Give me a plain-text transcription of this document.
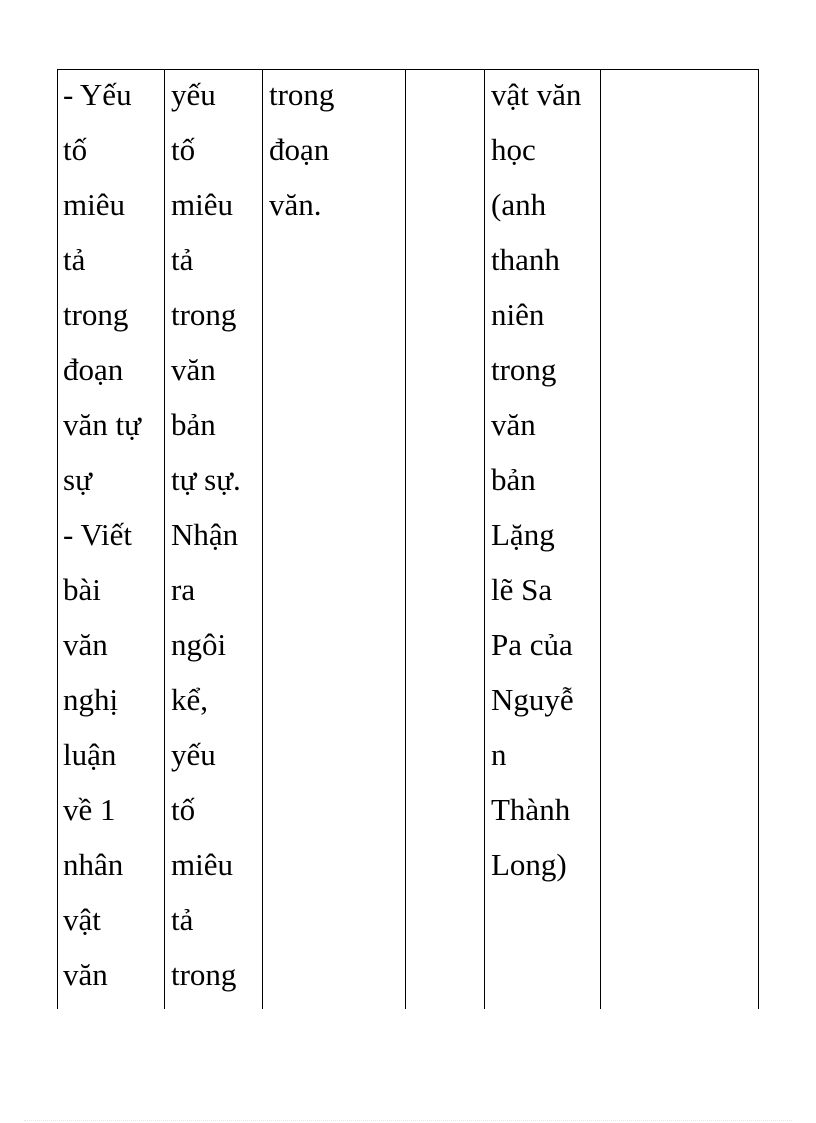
- Yếu
tố
miêu
tả
trong
đoạn
văn tự
sự
- Viết
bài
văn
nghị
luận
về 1
nhân
vật
văn
yếu
tố
miêu
tả
trong
văn
bản
tự sự.
Nhận
ra
ngôi
kể,
yếu
tố
miêu
tả
trong
trong
đoạn
văn.
vật văn
học
(anh
thanh
niên
trong
văn
bản
Lặng
lẽ Sa
Pa của
Nguyễ
n
Thành
Long)
